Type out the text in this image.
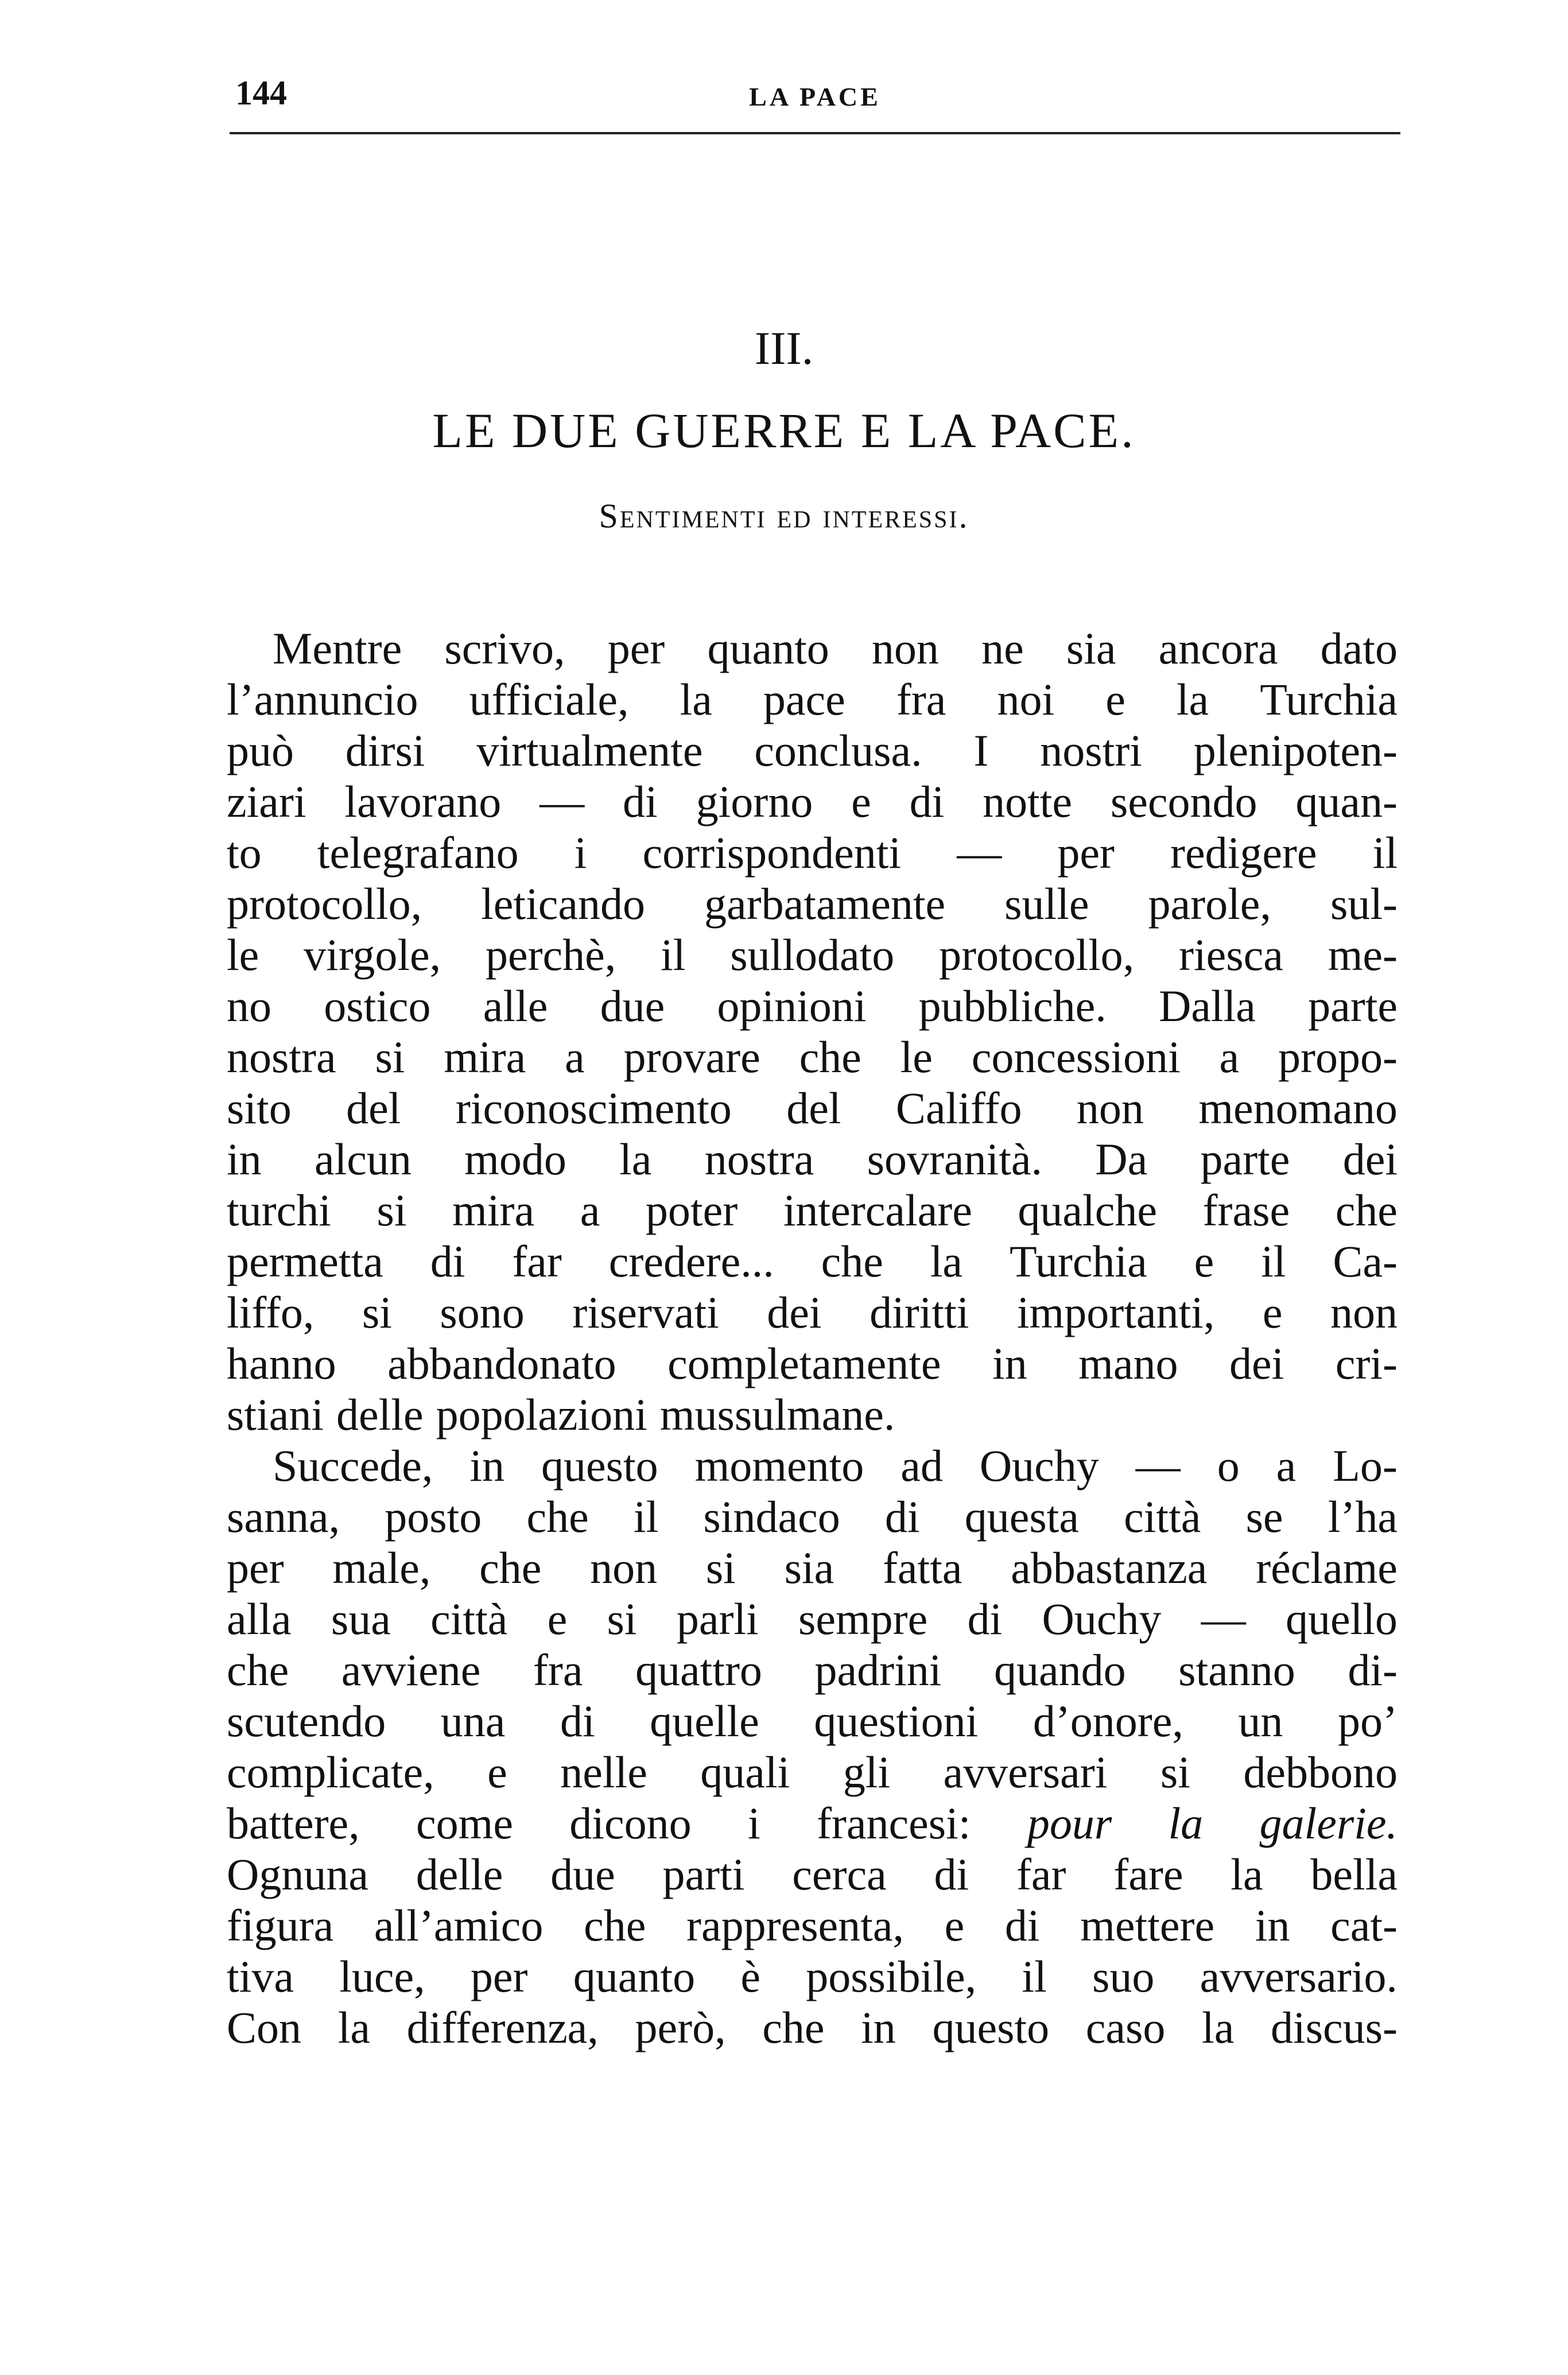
144	LA PACE
III.
LE DUE GUERRE E LA PACE.
Sentimenti ed interessi.
Mentre scrivo, per quanto non ne sia ancora dato
l’annuncio ufficiale, la pace fra noi e la Turchia
può dirsi virtualmente conclusa. I nostri plenipoten-
ziari lavorano — di giorno e di notte secondo quan-
to telegrafano i corrispondenti — per redigere il
protocollo, leticando garbatamente sulle parole, sul-
le virgole, perchè, il sullodato protocollo, riesca me-
no ostico alle due opinioni pubbliche. Dalla parte
nostra si mira a provare che le concessioni a propo-
sito del riconoscimento del Califfo non menomano
in alcun modo la nostra sovranità. Da parte dei
turchi si mira a poter intercalare qualche frase che
permetta di far credere... che la Turchia e il Ca-
liffo, si sono riservati dei diritti importanti, e non
hanno abbandonato completamente in mano dei cri-
stiani delle popolazioni mussulmane.
Succede, in questo momento ad Ouchy — o a Lo-
sanna, posto che il sindaco di questa città se l’ha
per male, che non si sia fatta abbastanza réclame
alla sua città e si parli sempre di Ouchy — quello
che avviene fra quattro padrini quando stanno di-
scutendo una di quelle questioni d’onore, un po’
complicate, e nelle quali gli avversari si debbono
battere, come dicono i francesi: pour la galerie.
Ognuna delle due parti cerca di far fare la bella
figura all’amico che rappresenta, e di mettere in cat-
tiva luce, per quanto è possibile, il suo avversario.
Con la differenza, però, che in questo caso la discus-
